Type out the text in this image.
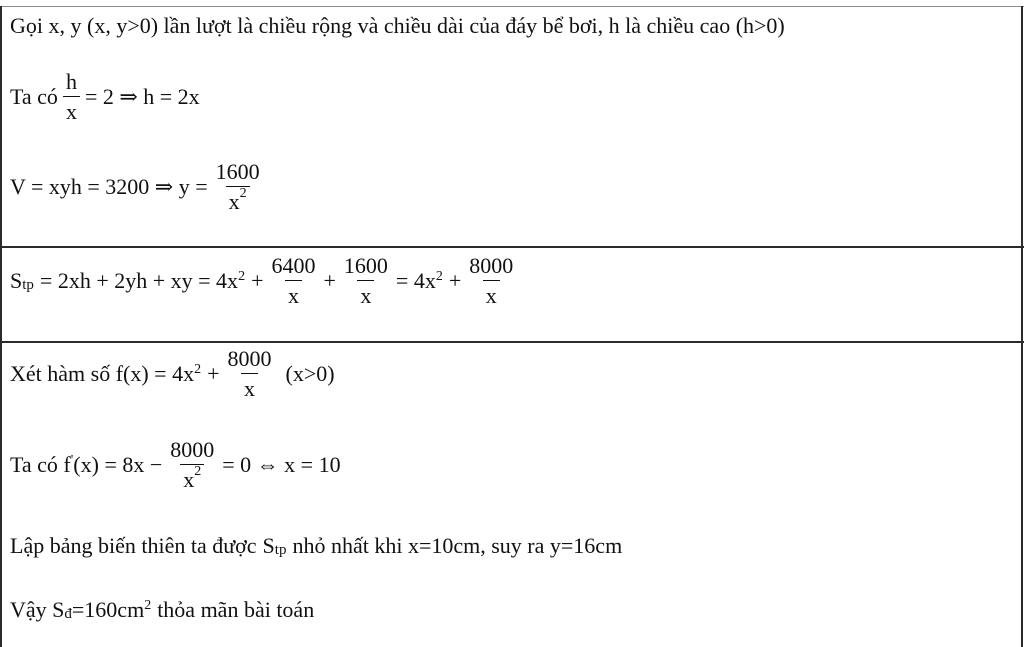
Gọi x, y (x, y>0) lần lượt là chiều rộng và chiều dài của đáy bể bơi, h là chiều cao (h>0)
Ta có $\frac{h}{x} = 2$ ⇒ h = 2x
V = xyh = 3200 ⇒ $y = \frac{1600}{x^2}$
$S_{tp} = 2xh + 2yh$ + xy = $4x^2 + \frac{6400}{x} + \frac{1600}{x} = 4x^2 + \frac{8000}{x}$
Xét hàm số $f(x) = 4x^2 + \frac{8000}{x} (x>0)$
Ta có f' $(x) = 8x - \frac{8000}{x^2} = 0$ ⇔ x = 10
Lập bảng biến thiên ta được $S_{tp}$ nhỏ nhất khi x=10cm, suy ra y=16cm
Vậy $S_đ =160cm^2$ thỏa mãn bài toán
